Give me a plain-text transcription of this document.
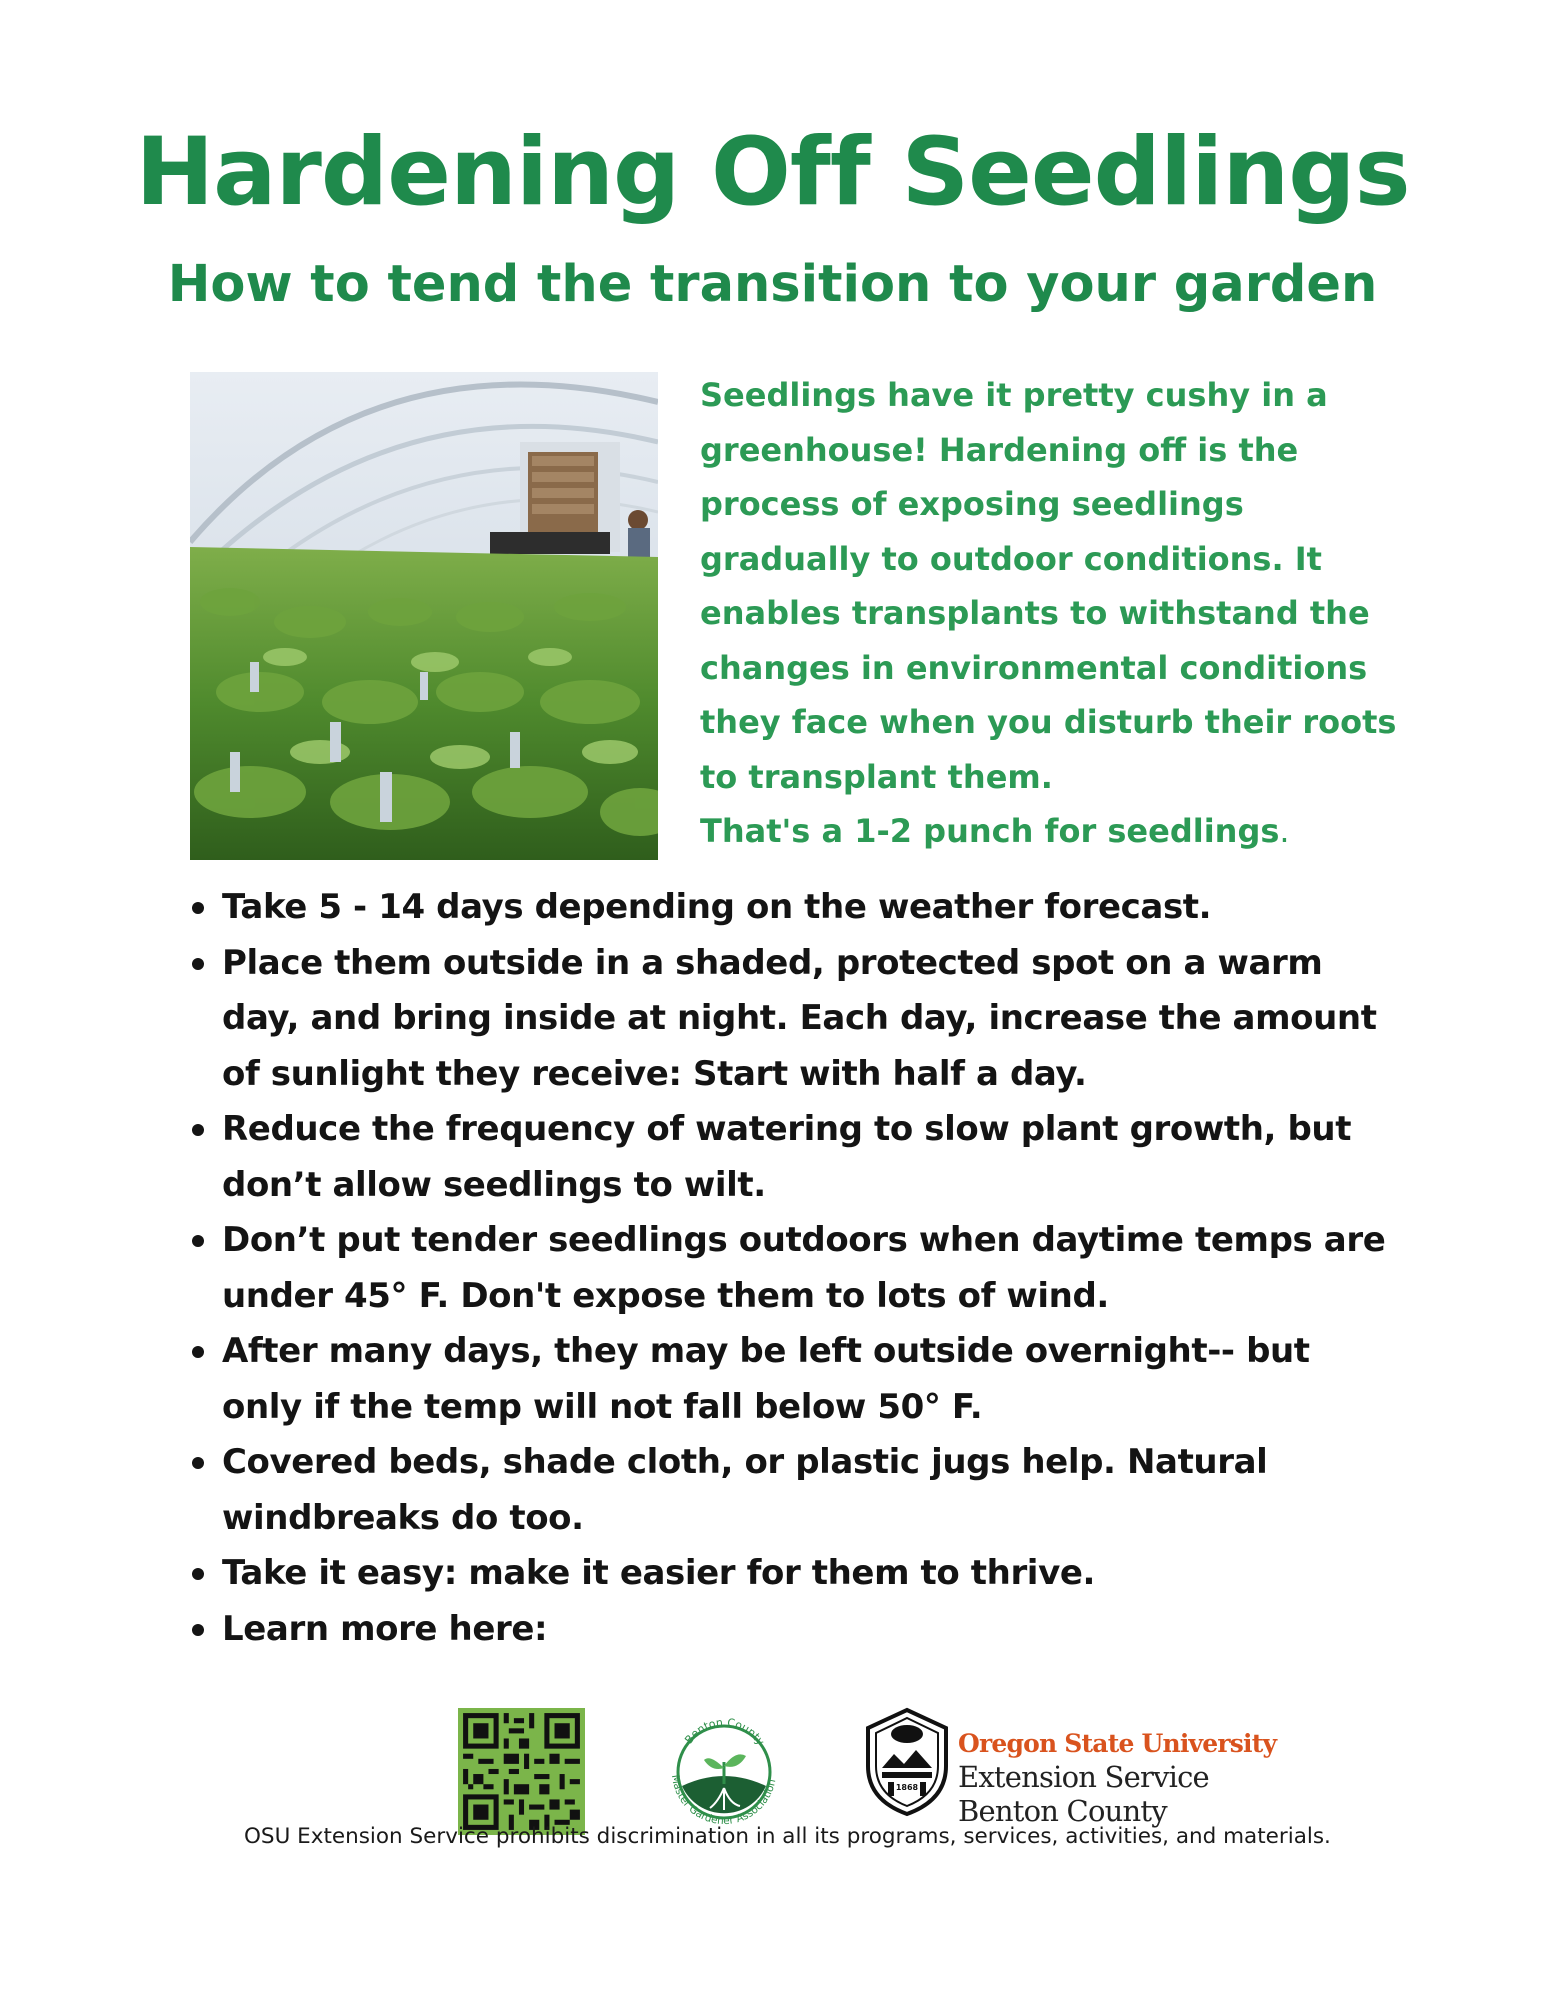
Hardening Off Seedlings
How to tend the transition to your garden
Seedlings have it pretty cushy in a greenhouse! Hardening off is the process of exposing seedlings gradually to outdoor conditions. It enables transplants to withstand the changes in environmental conditions they face when you disturb their roots to transplant them.
That's a 1-2 punch for seedlings.
Take 5 - 14 days depending on the weather forecast.
Place them outside in a shaded, protected spot on a warm day, and bring inside at night. Each day, increase the amount of sunlight they receive: Start with half a day.
Reduce the frequency of watering to slow plant growth, but don’t allow seedlings to wilt.
Don’t put tender seedlings outdoors when daytime temps are under 45° F. Don't expose them to lots of wind.
After many days, they may be left outside overnight-- but only if the temp will not fall below 50° F.
Covered beds, shade cloth, or plastic jugs help. Natural windbreaks do too.
Take it easy: make it easier for them to thrive.
Learn more here:
Benton County
Master Gardener Association
1868
Oregon State University
Extension Service
Benton County
OSU Extension Service prohibits discrimination in all its programs, services, activities, and materials.
